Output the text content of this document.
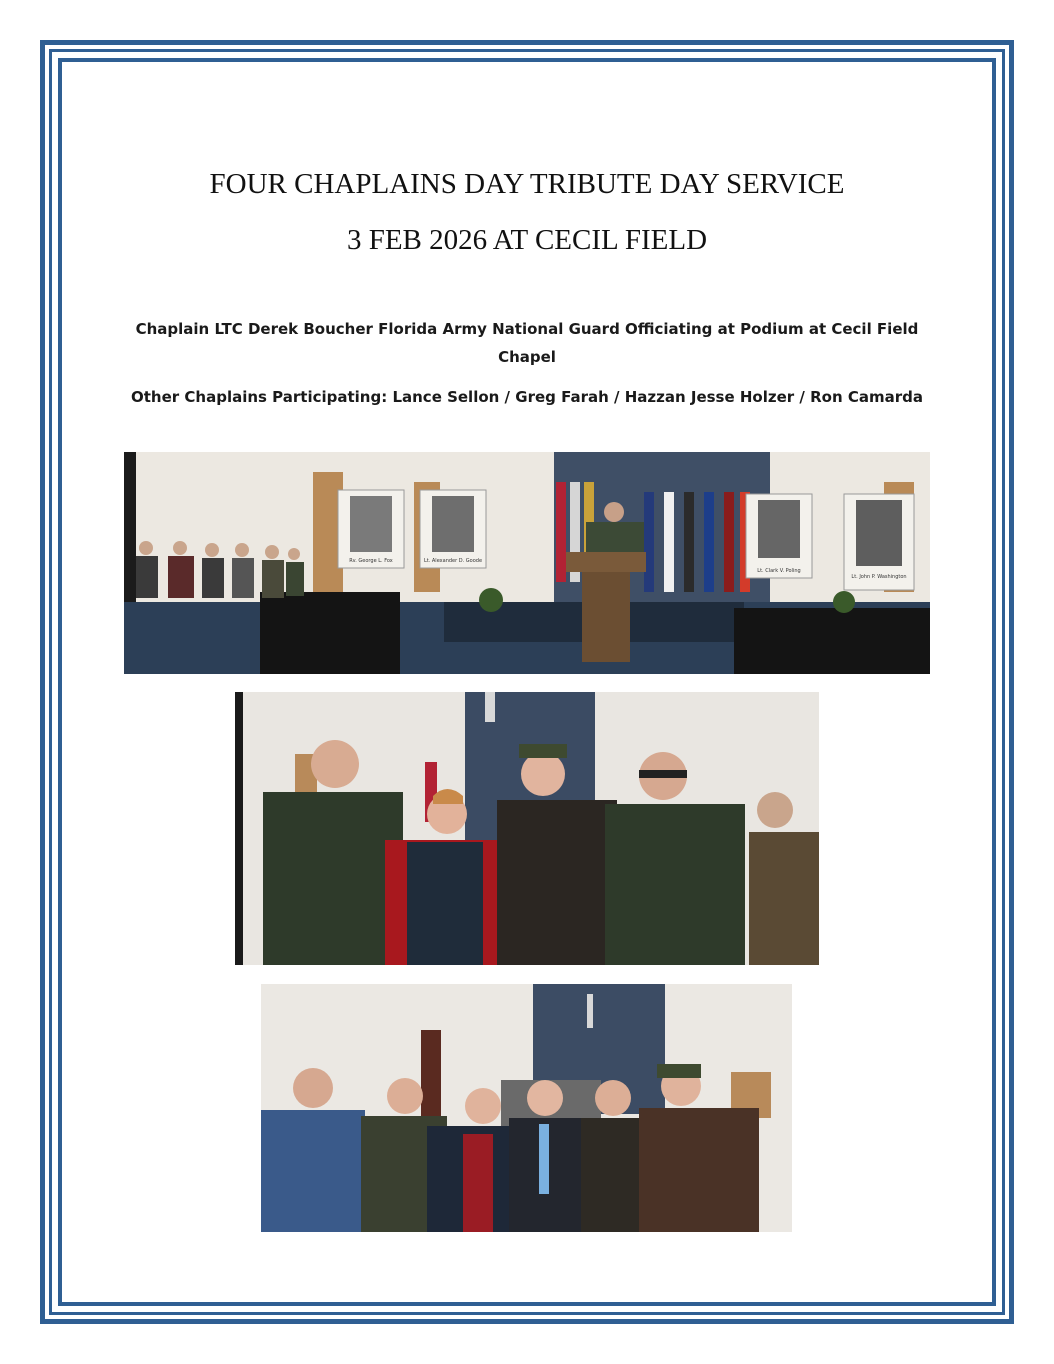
FOUR CHAPLAINS DAY TRIBUTE DAY SERVICE
3 FEB 2026 AT CECIL FIELD
Chaplain LTC Derek Boucher Florida Army National Guard Officiating at Podium at Cecil Field Chapel
Other Chaplains Participating: Lance Sellon / Greg Farah / Hazzan Jesse Holzer / Ron Camarda
Rv. George L. Fox	Lt. Alexander D. Goode
Lt. Clark V. Poling
Lt. John P. Washington
